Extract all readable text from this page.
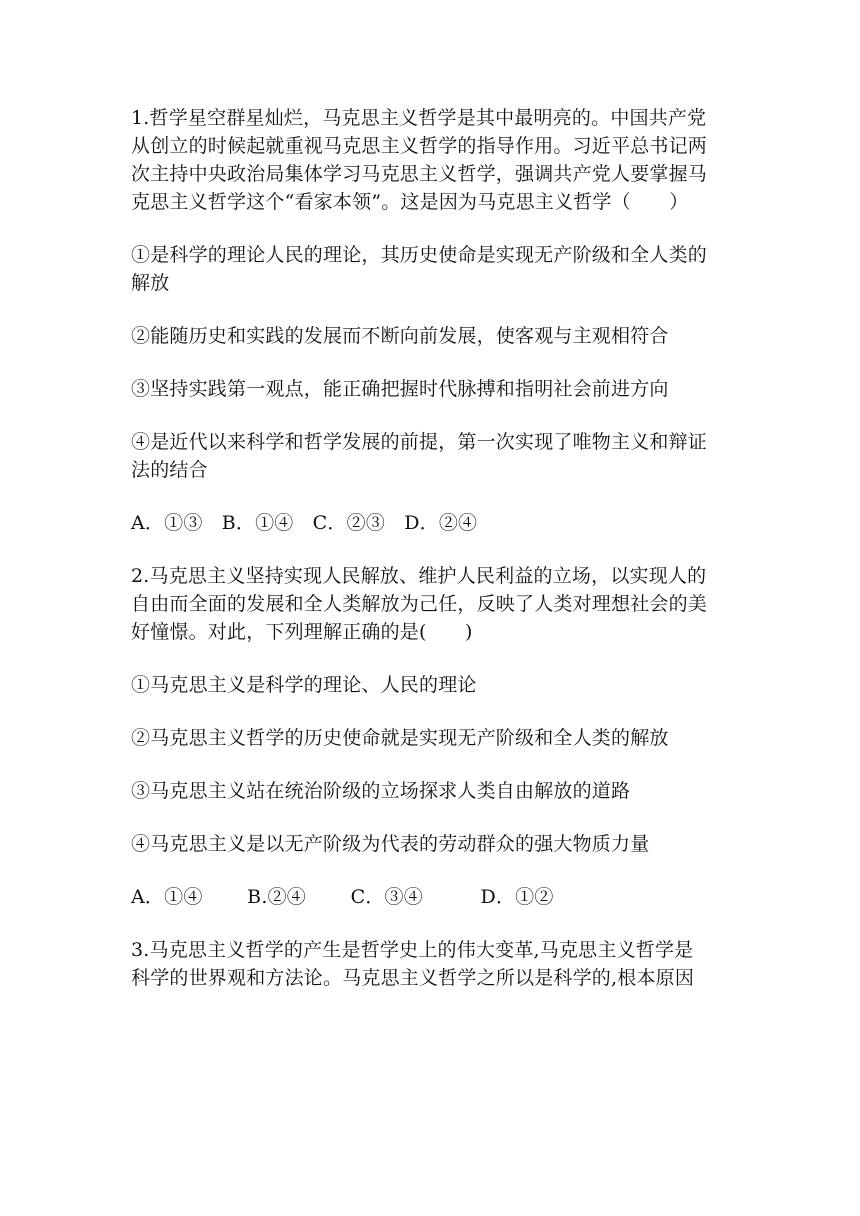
1.哲学星空群星灿烂，马克思主义哲学是其中最明亮的。中国共产党
从创立的时候起就重视马克思主义哲学的指导作用。习近平总书记两
次主持中央政治局集体学习马克思主义哲学，强调共产党人要掌握马
克思主义哲学这个“看家本领”。这是因为马克思主义哲学（　　）
①是科学的理论人民的理论，其历史使命是实现无产阶级和全人类的
解放
②能随历史和实践的发展而不断向前发展，使客观与主观相符合
③坚持实践第一观点，能正确把握时代脉搏和指明社会前进方向
④是近代以来科学和哲学发展的前提，第一次实现了唯物主义和辩证
法的结合
A．①③　B．①④　C．②③　D．②④
2.马克思主义坚持实现人民解放、维护人民利益的立场，以实现人的
自由而全面的发展和全人类解放为己任，反映了人类对理想社会的美
好憧憬。对此，下列理解正确的是(　　)
①马克思主义是科学的理论、人民的理论
②马克思主义哲学的历史使命就是实现无产阶级和全人类的解放
③马克思主义站在统治阶级的立场探求人类自由解放的道路
④马克思主义是以无产阶级为代表的劳动群众的强大物质力量
A．①④　　 B.②④　　 C．③④　　　D．①②
3.马克思主义哲学的产生是哲学史上的伟大变革,马克思主义哲学是
科学的世界观和方法论。马克思主义哲学之所以是科学的,根本原因
